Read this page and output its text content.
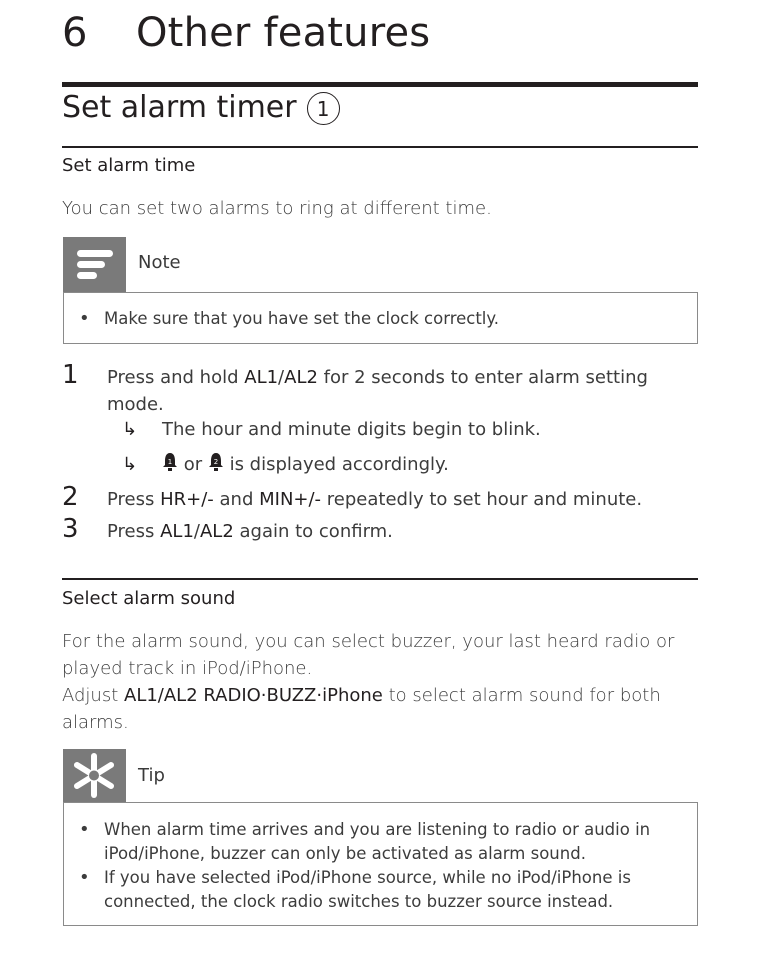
6 Other features
Set alarm timer	1
Set alarm time
You can set two alarms to ring at different time.
Note
• Make sure that you have set the clock correctly.
1 Press and hold AL1/AL2 for 2 seconds to enter alarm setting mode.
↳ The hour and minute digits begin to blink.
↳	1 or 2 is displayed accordingly.
2 Press HR+/- and MIN+/- repeatedly to set hour and minute.
3 Press AL1/AL2 again to confirm.
Select alarm sound
For the alarm sound, you can select buzzer, your last heard radio or played track in iPod/iPhone.
Adjust AL1/AL2 RADIO·BUZZ·iPhone to select alarm sound for both alarms.
Tip
• When alarm time arrives and you are listening to radio or audio in iPod/iPhone, buzzer can only be activated as alarm sound.
• If you have selected iPod/iPhone source, while no iPod/iPhone is connected, the clock radio switches to buzzer source instead.
